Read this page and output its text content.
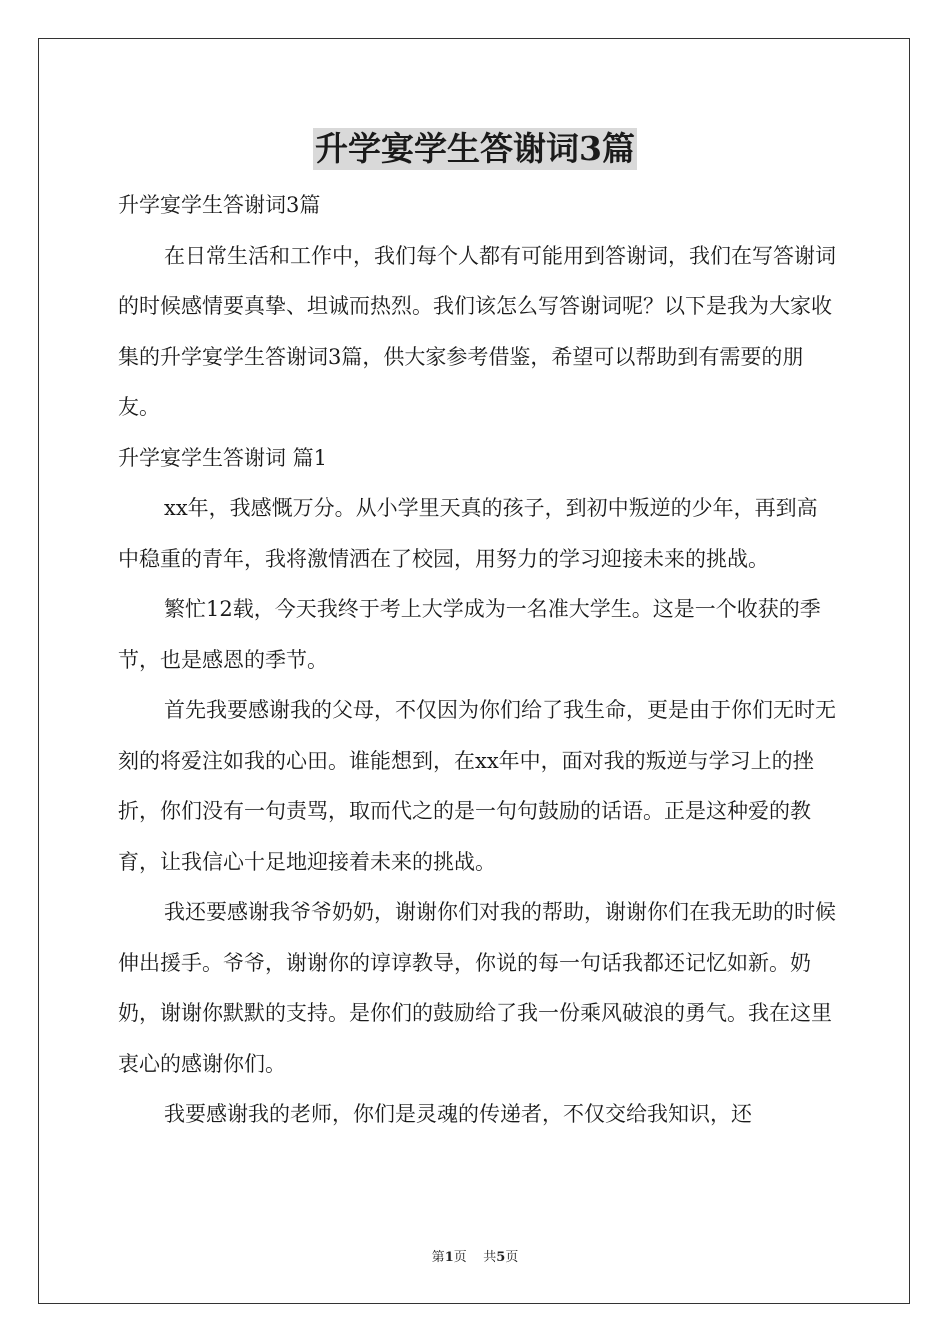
升学宴学生答谢词3篇

升学宴学生答谢词3篇

在日常生活和工作中，我们每个人都有可能用到答谢词，我们在写答谢词的时候感情要真挚、坦诚而热烈。我们该怎么写答谢词呢？以下是我为大家收集的升学宴学生答谢词3篇，供大家参考借鉴，希望可以帮助到有需要的朋友。

升学宴学生答谢词 篇1

xx年，我感慨万分。从小学里天真的孩子，到初中叛逆的少年，再到高中稳重的青年，我将激情洒在了校园，用努力的学习迎接未来的挑战。

繁忙12载，今天我终于考上大学成为一名准大学生。这是一个收获的季节，也是感恩的季节。

首先我要感谢我的父母，不仅因为你们给了我生命，更是由于你们无时无刻的将爱注如我的心田。谁能想到，在xx年中，面对我的叛逆与学习上的挫折，你们没有一句责骂，取而代之的是一句句鼓励的话语。正是这种爱的教育，让我信心十足地迎接着未来的挑战。

我还要感谢我爷爷奶奶，谢谢你们对我的帮助，谢谢你们在我无助的时候伸出援手。爷爷，谢谢你的谆谆教导，你说的每一句话我都还记忆如新。奶奶，谢谢你默默的支持。是你们的鼓励给了我一份乘风破浪的勇气。我在这里衷心的感谢你们。

我要感谢我的老师，你们是灵魂的传递者，不仅交给我知识，还

第1页    共5页
